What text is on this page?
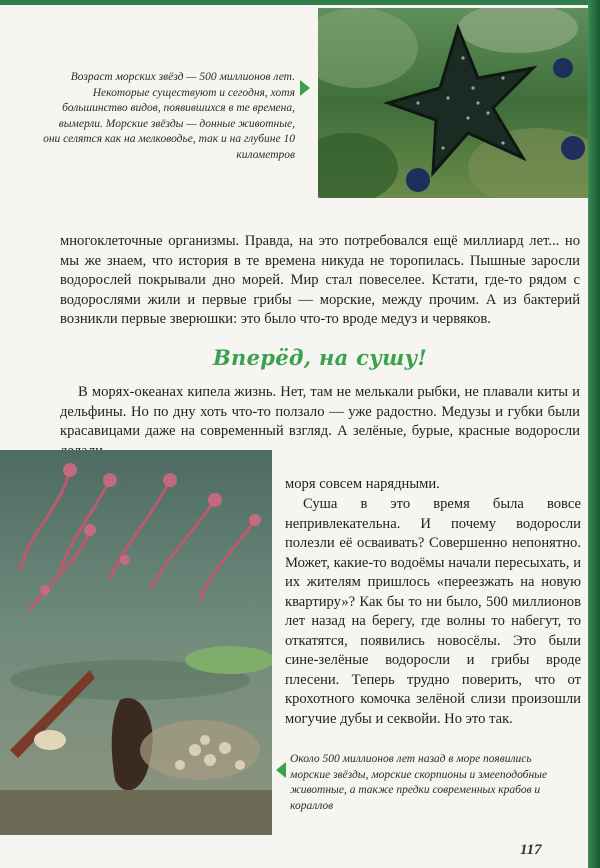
Возраст морских звёзд — 500 миллионов лет. Некоторые существуют и сегодня, хотя большинство видов, появившихся в те времена, вымерли. Морские звёзды — донные животные, они селятся как на мелководье, так и на глубине 10 километров
многоклеточные организмы. Правда, на это потребовался ещё миллиард лет... но мы же знаем, что история в те времена никуда не торопилась. Пышные заросли водорослей покрывали дно морей. Мир стал повеселее. Кстати, где-то рядом с водорослями жили и первые грибы — морские, между прочим. А из бактерий возникли первые зверюшки: это было что-то вроде медуз и червяков.
Вперёд, на сушу!
В морях-океанах кипела жизнь. Нет, там не мелькали рыбки, не плавали киты и дельфины. Но по дну хоть что-то ползало — уже радостно. Медузы и губки были красавицами даже на современный взгляд. А зелёные, бурые, красные водоросли
моря совсем нарядными.
Суша в это время была вовсе непривлекательна. И почему водоросли полезли её осваивать? Совершенно непонятно. Может, какие-то водоёмы начали пересыхать, и их жителям пришлось «переезжать на новую квартиру»? Как бы то ни было, 500 миллионов лет назад на берегу, где волны то набегут, то откатятся, появились новосёлы. Это были сине-зелёные водоросли и грибы вроде плесени. Теперь трудно поверить, что от крохотного комочка зелёной слизи произошли могучие дубы и секвойи. Но это так.
Около 500 миллионов лет назад в море появились морские звёзды, морские скорпионы и змееподобные животные, а также предки современных крабов и кораллов
117
